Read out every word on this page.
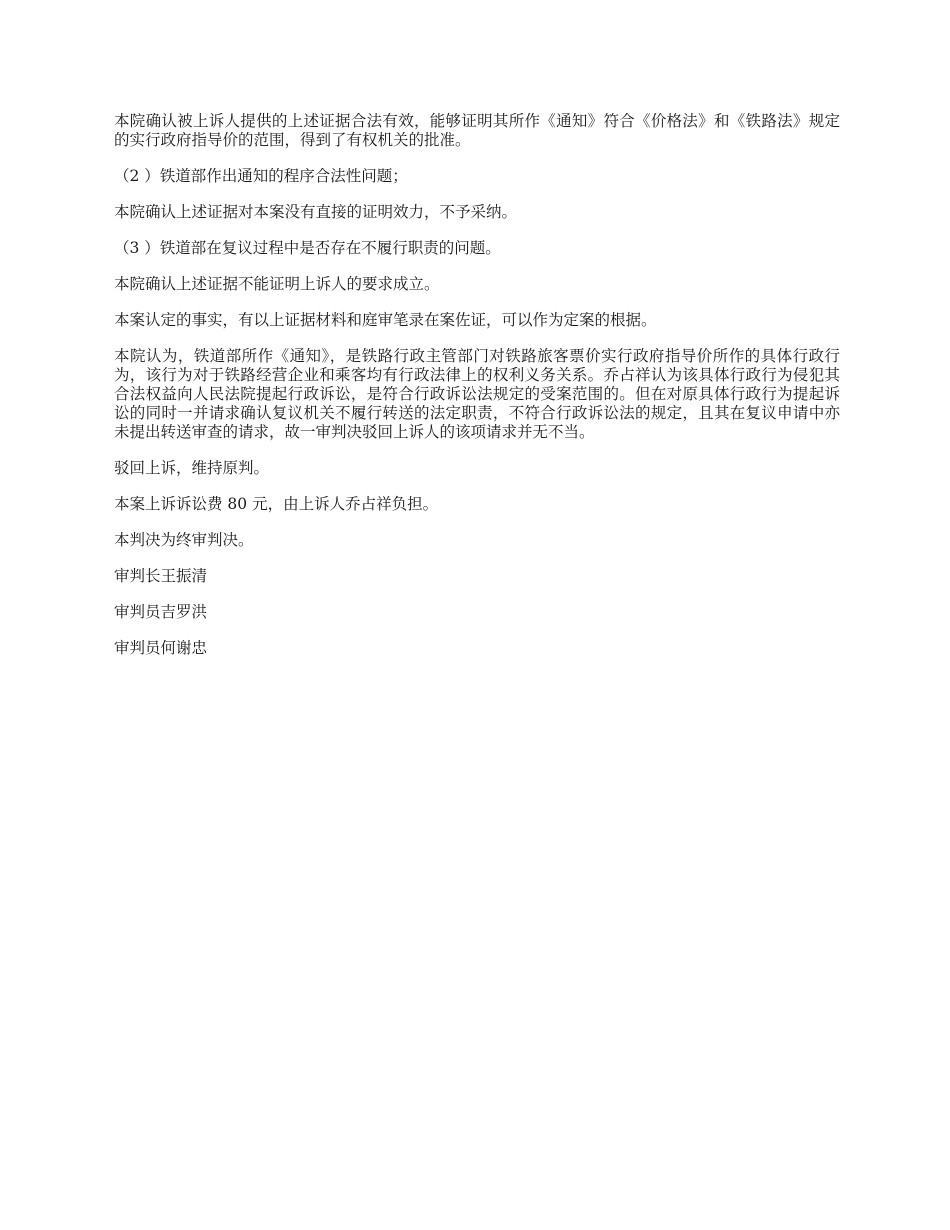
本院确认被上诉人提供的上述证据合法有效，能够证明其所作《通知》符合《价格法》和《铁路法》规定的实行政府指导价的范围，得到了有权机关的批准。

（2 ）铁道部作出通知的程序合法性问题；

本院确认上述证据对本案没有直接的证明效力，不予采纳。

（3 ）铁道部在复议过程中是否存在不履行职责的问题。

本院确认上述证据不能证明上诉人的要求成立。

本案认定的事实，有以上证据材料和庭审笔录在案佐证，可以作为定案的根据。

本院认为，铁道部所作《通知》，是铁路行政主管部门对铁路旅客票价实行政府指导价所作的具体行政行为，该行为对于铁路经营企业和乘客均有行政法律上的权利义务关系。乔占祥认为该具体行政行为侵犯其合法权益向人民法院提起行政诉讼，是符合行政诉讼法规定的受案范围的。但在对原具体行政行为提起诉讼的同时一并请求确认复议机关不履行转送的法定职责，不符合行政诉讼法的规定，且其在复议申请中亦未提出转送审查的请求，故一审判决驳回上诉人的该项请求并无不当。

驳回上诉，维持原判。

本案上诉诉讼费 80 元，由上诉人乔占祥负担。

本判决为终审判决。

审判长王振清

审判员吉罗洪

审判员何谢忠
